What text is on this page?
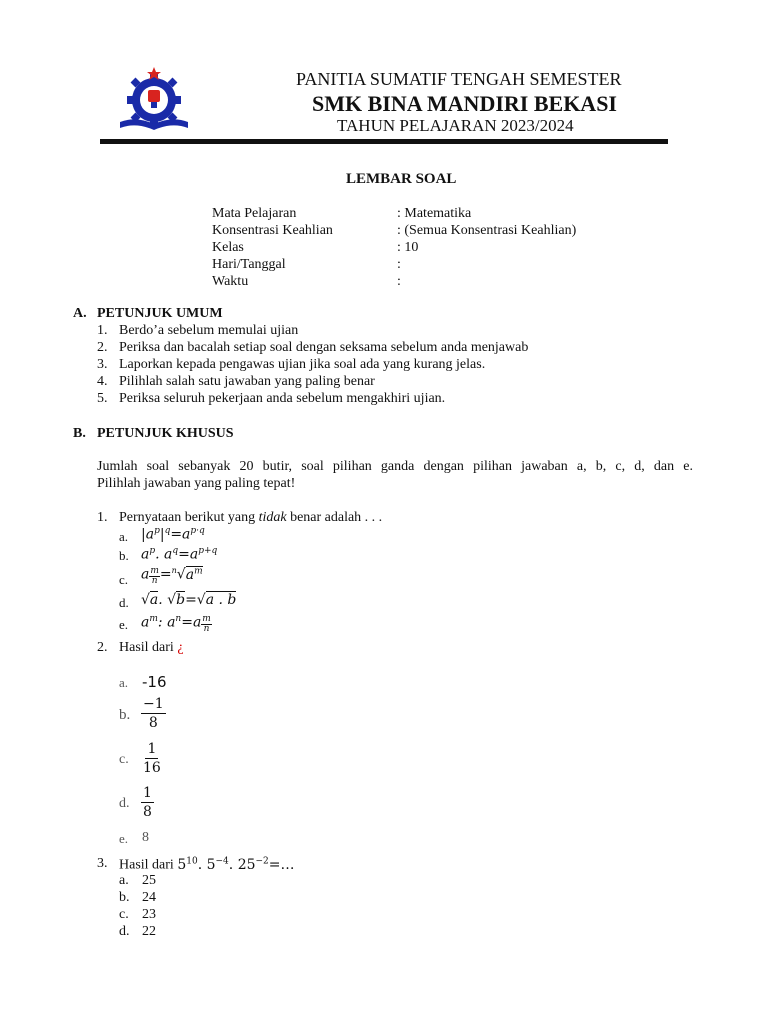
PANITIA SUMATIF TENGAH SEMESTER
SMK BINA MANDIRI BEKASI
TAHUN PELAJARAN 2023/2024
LEMBAR SOAL
Mata Pelajaran	: Matematika
Konsentrasi Keahlian	: (Semua Konsentrasi Keahlian)
Kelas	: 10
Hari/Tanggal	:
Waktu	:
A. PETUNJUK UMUM
1. Berdo’a sebelum memulai ujian
2. Periksa dan bacalah setiap soal dengan seksama sebelum anda menjawab
3. Laporkan kepada pengawas ujian jika soal ada yang kurang jelas.
4. Pilihlah salah satu jawaban yang paling benar
5. Periksa seluruh pekerjaan anda sebelum mengakhiri ujian.
B. PETUNJUK KHUSUS
Jumlah soal sebanyak 20 butir, soal pilihan ganda dengan pilihan jawaban a, b, c, d, dan e.
Pilihlah jawaban yang paling tepat!
1. Pernyataan berikut yang tidak benar adalah . . .
a. $|a^p|^q=a^{p\cdot q}$
b. $a^p$. $a^q=a^{p+q}$
c. a $\frac{m}{n} =^n√a^m$
d. √a. √b=√a . b
e. $a^m$: $a^n=a \frac{m}{n}$
2. Hasil dari ¿
a. -16
b. $\frac{-1}{8}$
c. $\frac{1}{16}$
d. $\frac{1}{8}$
e. 8
3. Hasil dari $5^{10}$. $5^{-4}$. $25^{-2}=\dots$
a. 25
b. 24
c. 23
d. 22
